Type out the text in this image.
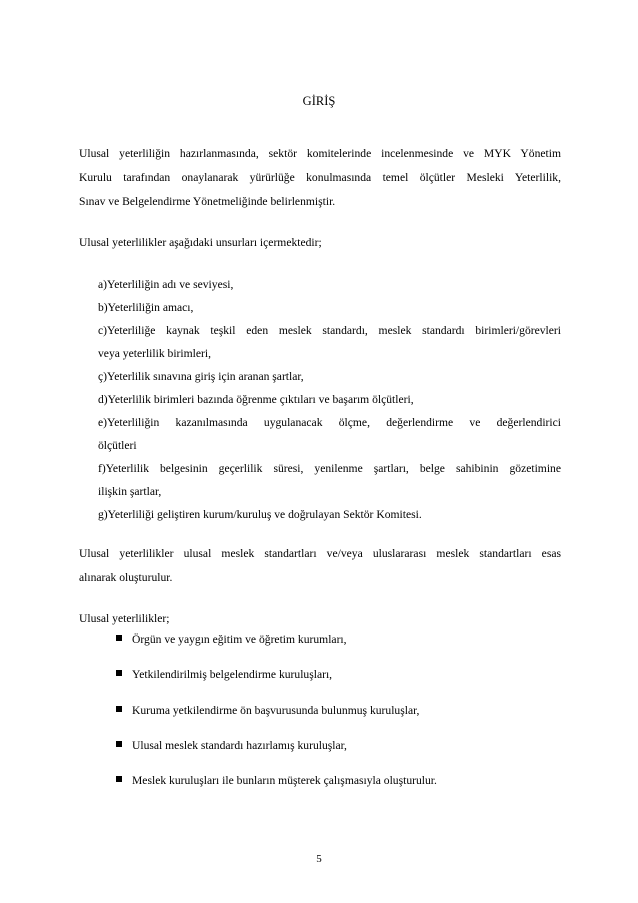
GİRİŞ
Ulusal yeterliliğin hazırlanmasında, sektör komitelerinde incelenmesinde ve MYK Yönetim
Kurulu tarafından onaylanarak yürürlüğe konulmasında temel ölçütler Mesleki Yeterlilik,
Sınav ve Belgelendirme Yönetmeliğinde belirlenmiştir.
Ulusal yeterlilikler aşağıdaki unsurları içermektedir;
a)Yeterliliğin adı ve seviyesi,
b)Yeterliliğin amacı,
c)Yeterliliğe kaynak teşkil eden meslek standardı, meslek standardı birimleri/görevleri
veya yeterlilik birimleri,
ç)Yeterlilik sınavına giriş için aranan şartlar,
d)Yeterlilik birimleri bazında öğrenme çıktıları ve başarım ölçütleri,
e)Yeterliliğin kazanılmasında uygulanacak ölçme, değerlendirme ve değerlendirici
ölçütleri
f)Yeterlilik belgesinin geçerlilik süresi, yenilenme şartları, belge sahibinin gözetimine
ilişkin şartlar,
g)Yeterliliği geliştiren kurum/kuruluş ve doğrulayan Sektör Komitesi.
Ulusal yeterlilikler ulusal meslek standartları ve/veya uluslararası meslek standartları esas
alınarak oluşturulur.
Ulusal yeterlilikler;
Örgün ve yaygın eğitim ve öğretim kurumları,
Yetkilendirilmiş belgelendirme kuruluşları,
Kuruma yetkilendirme ön başvurusunda bulunmuş kuruluşlar,
Ulusal meslek standardı hazırlamış kuruluşlar,
Meslek kuruluşları ile bunların müşterek çalışmasıyla oluşturulur.
5
